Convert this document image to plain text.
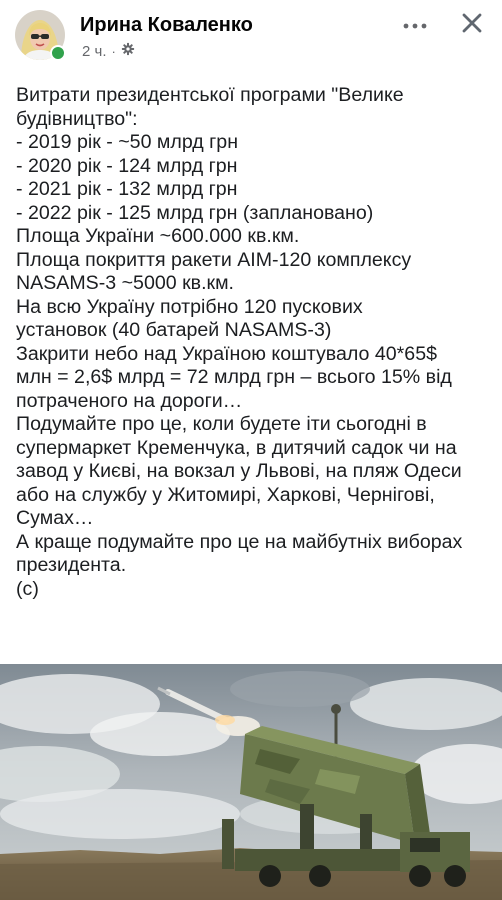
Ирина Коваленко
2 ч. ·
Витрати президентської програми "Велике
будівництво":
- 2019 рік - ~50 млрд грн
- 2020 рік - 124 млрд грн
- 2021 рік - 132 млрд грн
- 2022 рік - 125 млрд грн (заплановано)
Площа України ~600.000 кв.км.
Площа покриття ракети AIM-120 комплексу
NASAMS-3 ~5000 кв.км.
На всю Україну потрібно 120 пускових
установок (40 батарей NASAMS-3)
Закрити небо над Україною коштувало 40*65$
млн = 2,6$ млрд = 72 млрд грн – всього 15% від
потраченого на дороги…
Подумайте про це, коли будете іти сьогодні в
супермаркет Кременчука, в дитячий садок чи на
завод у Києві, на вокзал у Львові, на пляж Одеси
або на службу у Житомирі, Харкові, Чернігові,
Сумах…
А краще подумайте про це на майбутніх виборах
президента.
(с)
